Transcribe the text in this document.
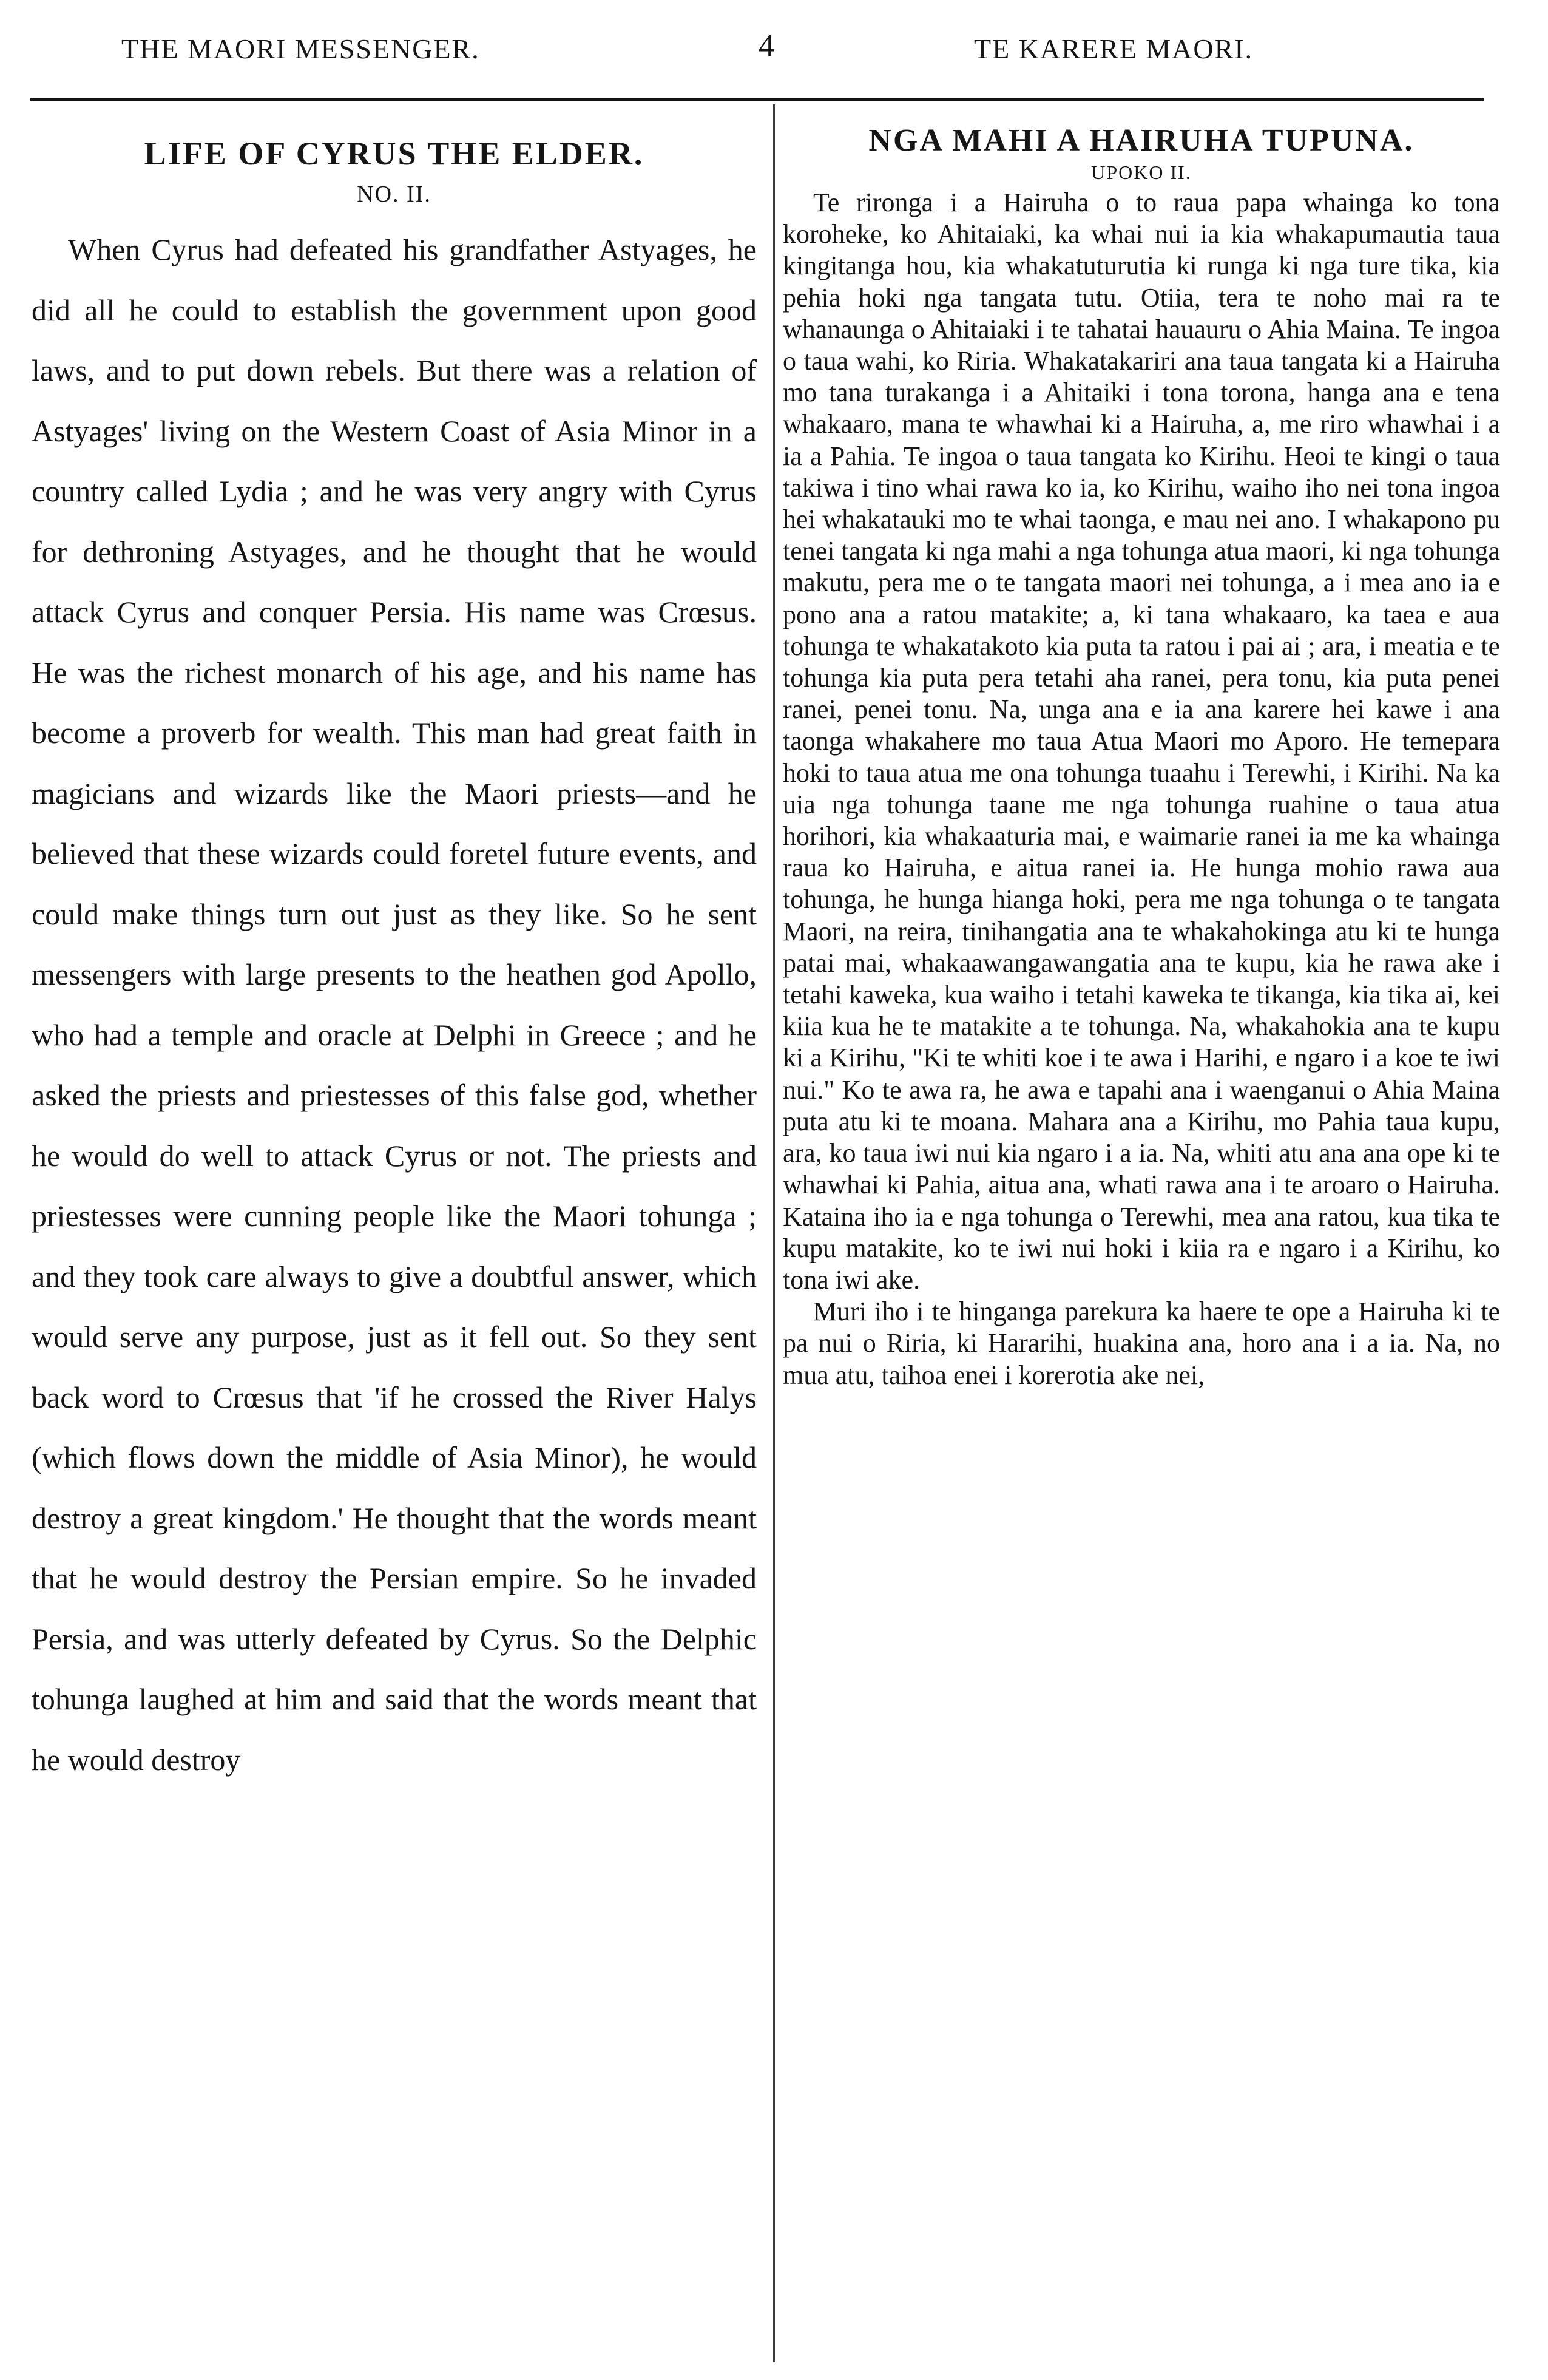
THE MAORI MESSENGER.	4	TE KARERE MAORI.
LIFE OF CYRUS THE ELDER.
NO. II.

When Cyrus had defeated his grandfather Astyages, he did all he could to establish the government upon good laws, and to put down rebels. But there was a relation of Astyages' living on the Western Coast of Asia Minor in a country called Lydia ; and he was very angry with Cyrus for dethroning Astyages, and he thought that he would attack Cyrus and conquer Persia. His name was Crœsus. He was the richest monarch of his age, and his name has become a proverb for wealth. This man had great faith in magicians and wizards like the Maori priests—and he believed that these wizards could foretel future events, and could make things turn out just as they like. So he sent messengers with large presents to the heathen god Apollo, who had a temple and oracle at Delphi in Greece ; and he asked the priests and priestesses of this false god, whether he would do well to attack Cyrus or not. The priests and priestesses were cunning people like the Maori tohunga ; and they took care always to give a doubtful answer, which would serve any purpose, just as it fell out. So they sent back word to Crœsus that 'if he crossed the River Halys (which flows down the middle of Asia Minor), he would destroy a great kingdom.' He thought that the words meant that he would destroy the Persian empire. So he invaded Persia, and was utterly defeated by Cyrus. So the Delphic tohunga laughed at him and said that the words meant that he would destroy

NGA MAHI A HAIRUHA TUPUNA.
UPOKO II.

Te rironga i a Hairuha o to raua papa whainga ko tona koroheke, ko Ahitaiaki, ka whai nui ia kia whakapumautia taua kingitanga hou, kia whakatuturutia ki runga ki nga ture tika, kia pehia hoki nga tangata tutu. Otiia, tera te noho mai ra te whanaunga o Ahitaiaki i te tahatai hauauru o Ahia Maina. Te ingoa o taua wahi, ko Riria. Whakatakariri ana taua tangata ki a Hairuha mo tana turakanga i a Ahitaiki i tona torona, hanga ana e tena whakaaro, mana te whawhai ki a Hairuha, a, me riro whawhai i a ia a Pahia. Te ingoa o taua tangata ko Kirihu. Heoi te kingi o taua takiwa i tino whai rawa ko ia, ko Kirihu, waiho iho nei tona ingoa hei whakatauki mo te whai taonga, e mau nei ano. I whakapono pu tenei tangata ki nga mahi a nga tohunga atua maori, ki nga tohunga makutu, pera me o te tangata maori nei tohunga, a i mea ano ia e pono ana a ratou matakite; a, ki tana whakaaro, ka taea e aua tohunga te whakatakoto kia puta ta ratou i pai ai ; ara, i meatia e te tohunga kia puta pera tetahi aha ranei, pera tonu, kia puta penei ranei, penei tonu. Na, unga ana e ia ana karere hei kawe i ana taonga whakahere mo taua Atua Maori mo Aporo. He temepara hoki to taua atua me ona tohunga tuaahu i Terewhi, i Kirihi. Na ka uia nga tohunga taane me nga tohunga ruahine o taua atua horihori, kia whakaaturia mai, e waimarie ranei ia me ka whainga raua ko Hairuha, e aitua ranei ia. He hunga mohio rawa aua tohunga, he hunga hianga hoki, pera me nga tohunga o te tangata Maori, na reira, tinihangatia ana te whakahokinga atu ki te hunga patai mai, whakaawangawangatia ana te kupu, kia he rawa ake i tetahi kaweka, kua waiho i tetahi kaweka te tikanga, kia tika ai, kei kiia kua he te matakite a te tohunga. Na, whakahokia ana te kupu ki a Kirihu, "Ki te whiti koe i te awa i Harihi, e ngaro i a koe te iwi nui." Ko te awa ra, he awa e tapahi ana i waenganui o Ahia Maina puta atu ki te moana. Mahara ana a Kirihu, mo Pahia taua kupu, ara, ko taua iwi nui kia ngaro i a ia. Na, whiti atu ana ana ope ki te whawhai ki Pahia, aitua ana, whati rawa ana i te aroaro o Hairuha. Kataina iho ia e nga tohunga o Terewhi, mea ana ratou, kua tika te kupu matakite, ko te iwi nui hoki i kiia ra e ngaro i a Kirihu, ko tona iwi ake.

Muri iho i te hinganga parekura ka haere te ope a Hairuha ki te pa nui o Riria, ki Hararihi, huakina ana, horo ana i a ia. Na, no mua atu, taihoa enei i korerotia ake nei,
